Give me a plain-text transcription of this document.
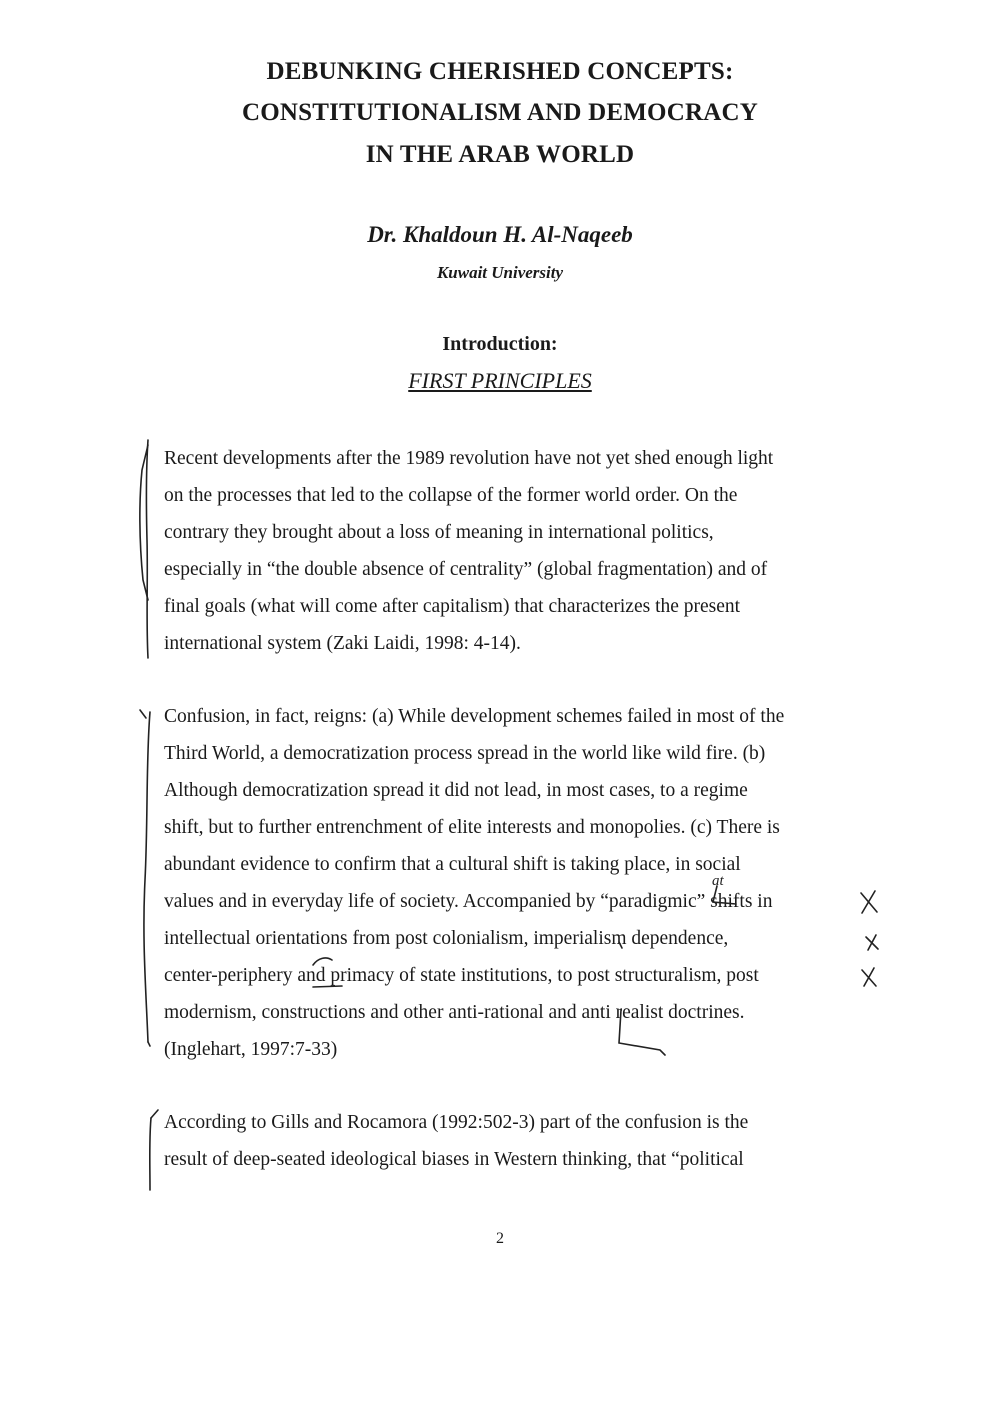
DEBUNKING CHERISHED CONCEPTS:
CONSTITUTIONALISM AND DEMOCRACY
IN THE ARAB WORLD
Dr. Khaldoun H. Al-Naqeeb
Kuwait University
Introduction:
FIRST PRINCIPLES
Recent developments after the 1989 revolution have not yet shed enough light
on the processes that led to the collapse of the former world order. On the
contrary they brought about a loss of meaning in international politics,
especially in “the double absence of centrality” (global fragmentation) and of
final goals (what will come after capitalism) that characterizes the present
international system (Zaki Laidi, 1998: 4-14).
Confusion, in fact, reigns: (a) While development schemes failed in most of the
Third World, a democratization process spread in the world like wild fire. (b)
Although democratization spread it did not lead, in most cases, to a regime
shift, but to further entrenchment of elite interests and monopolies. (c) There is
abundant evidence to confirm that a cultural shift is taking place, in social
values and in everyday life of society. Accompanied by “paradigmic” shifts in
intellectual orientations from post colonialism, imperialism dependence,
center-periphery and primacy of state institutions, to post structuralism, post
modernism, constructions and other anti-rational and anti realist doctrines.
(Inglehart, 1997:7-33)
According to Gills and Rocamora (1992:502-3) part of the confusion is the
result of deep-seated ideological biases in Western thinking, that “political
2
at
